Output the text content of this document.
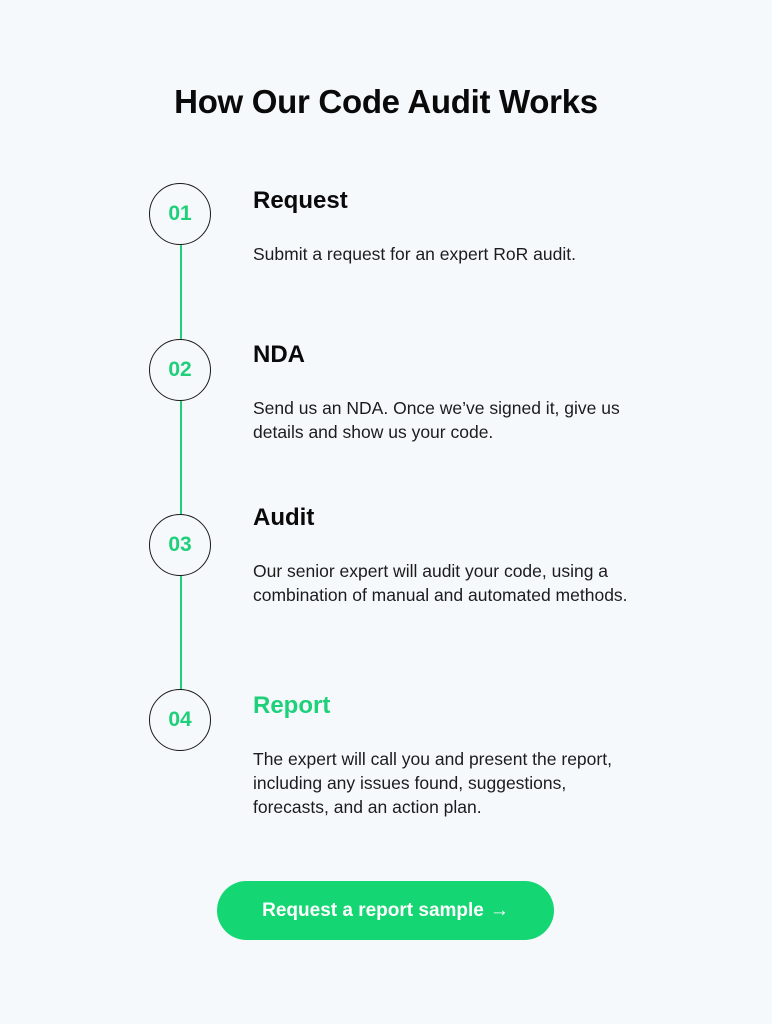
How Our Code Audit Works
01	Request

Submit a request for an expert RoR audit.

02
NDA

Send us an NDA. Once we’ve signed it, give us details and show us your code.

03
Audit

Our senior expert will audit your code, using a combination of manual and automated methods.

04
Report

The expert will call you and present the report, including any issues found, suggestions, forecasts, and an action plan.

Request a report sample →
